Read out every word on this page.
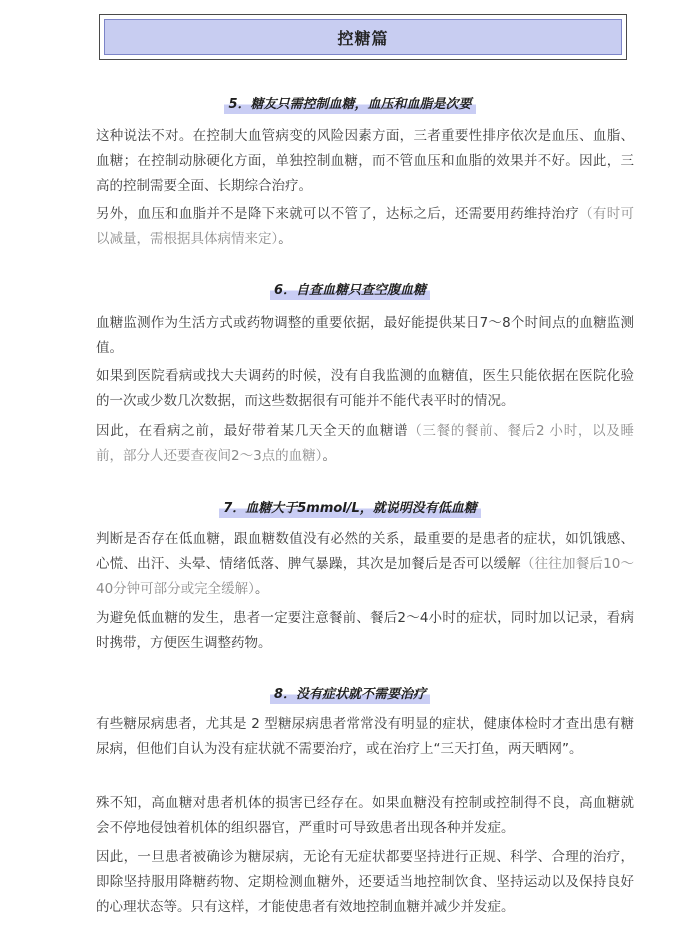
控糖篇
5．糖友只需控制血糖，血压和血脂是次要
这种说法不对。在控制大血管病变的风险因素方面，三者重要性排序依次是血压、血脂、血糖；在控制动脉硬化方面，单独控制血糖，而不管血压和血脂的效果并不好。因此，三高的控制需要全面、长期综合治疗。
另外，血压和血脂并不是降下来就可以不管了，达标之后，还需要用药维持治疗（有时可以减量，需根据具体病情来定）。
6．自查血糖只查空腹血糖
血糖监测作为生活方式或药物调整的重要依据，最好能提供某日7～8个时间点的血糖监测值。
如果到医院看病或找大夫调药的时候，没有自我监测的血糖值，医生只能依据在医院化验的一次或少数几次数据，而这些数据很有可能并不能代表平时的情况。
因此，在看病之前，最好带着某几天全天的血糖谱（三餐的餐前、餐后2 小时，以及睡前，部分人还要查夜间2～3点的血糖）。
7．血糖大于5mmol/L，就说明没有低血糖
判断是否存在低血糖，跟血糖数值没有必然的关系，最重要的是患者的症状，如饥饿感、心慌、出汗、头晕、情绪低落、脾气暴躁，其次是加餐后是否可以缓解（往往加餐后10～40分钟可部分或完全缓解）。
为避免低血糖的发生，患者一定要注意餐前、餐后2～4小时的症状，同时加以记录，看病时携带，方便医生调整药物。
8．没有症状就不需要治疗
有些糖尿病患者，尤其是 2 型糖尿病患者常常没有明显的症状，健康体检时才查出患有糖尿病，但他们自认为没有症状就不需要治疗，或在治疗上“三天打鱼，两天晒网”。
殊不知，高血糖对患者机体的损害已经存在。如果血糖没有控制或控制得不良，高血糖就会不停地侵蚀着机体的组织器官，严重时可导致患者出现各种并发症。
因此，一旦患者被确诊为糖尿病，无论有无症状都要坚持进行正规、科学、合理的治疗，即除坚持服用降糖药物、定期检测血糖外，还要适当地控制饮食、坚持运动以及保持良好的心理状态等。只有这样，才能使患者有效地控制血糖并减少并发症。
